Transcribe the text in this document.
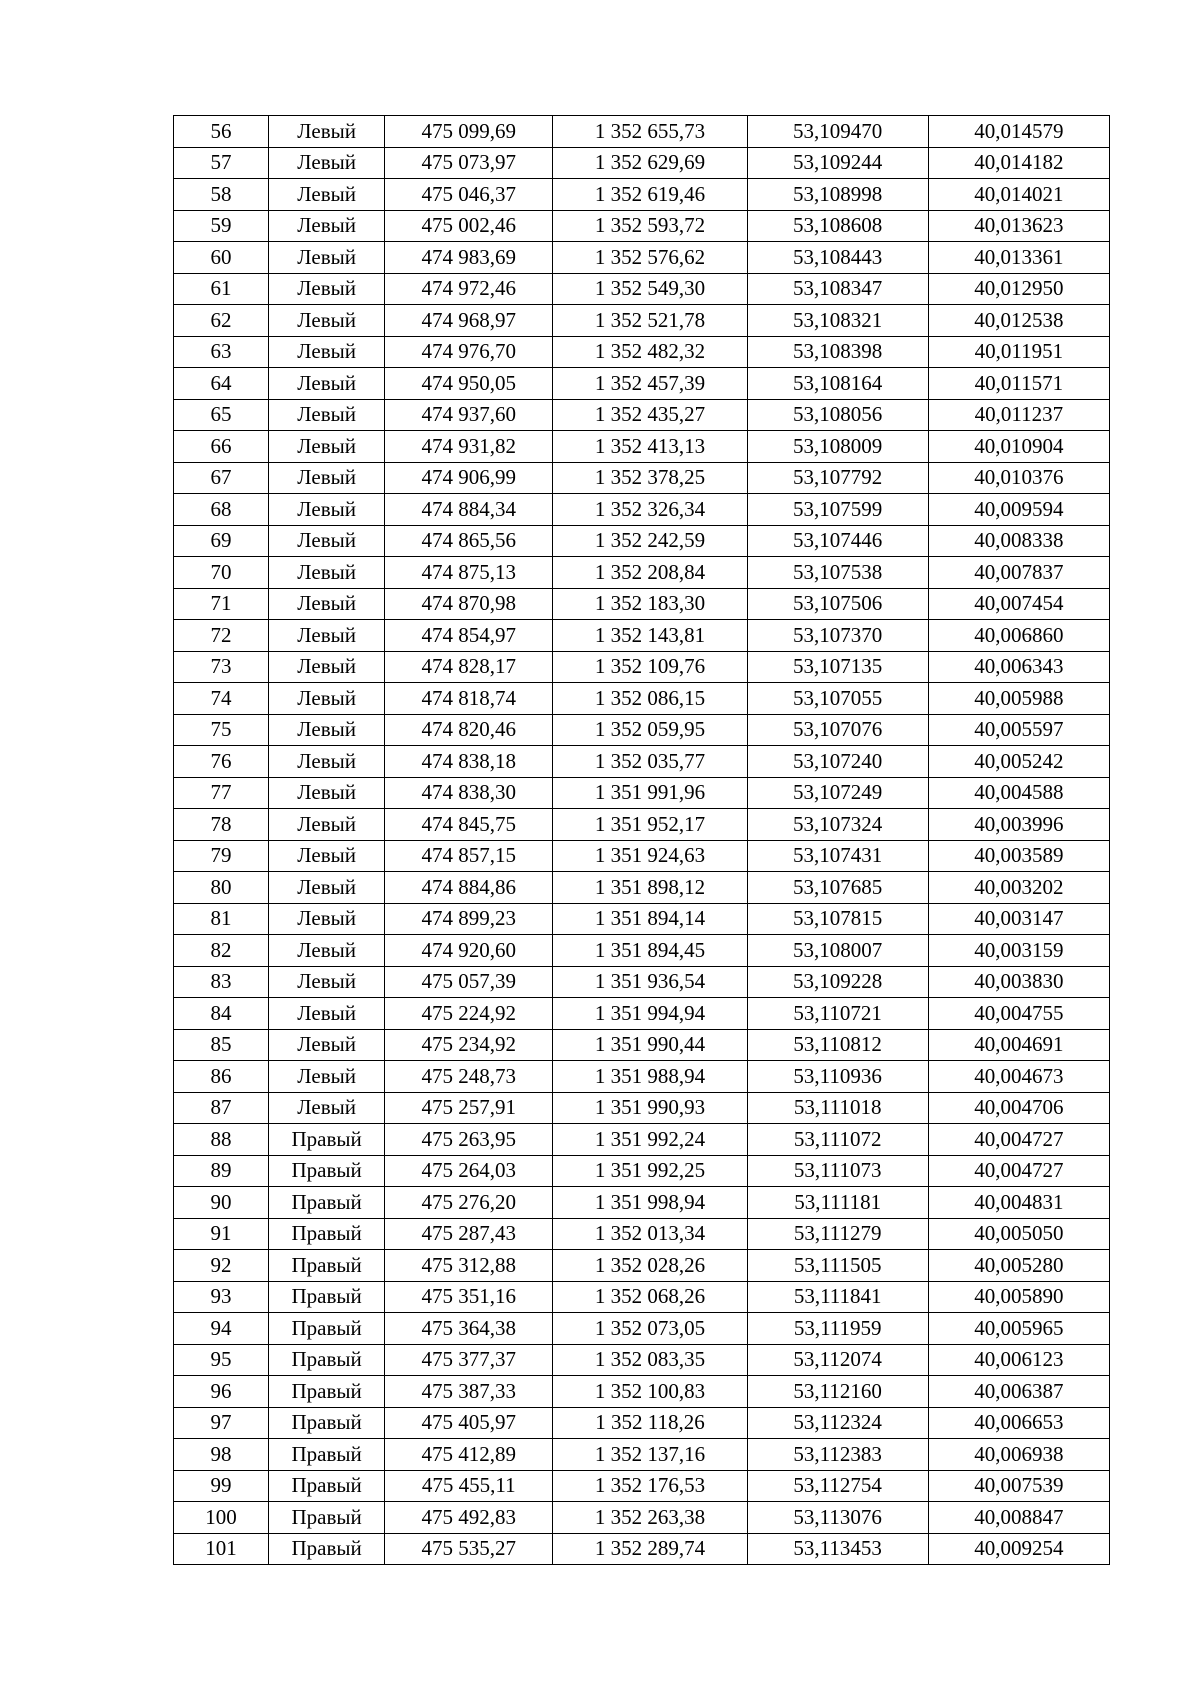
56	Левый	475 099,69	1 352 655,73	53,109470	40,014579
57	Левый	475 073,97	1 352 629,69	53,109244	40,014182
58	Левый	475 046,37	1 352 619,46	53,108998	40,014021
59	Левый	475 002,46	1 352 593,72	53,108608	40,013623
60	Левый	474 983,69	1 352 576,62	53,108443	40,013361
61	Левый	474 972,46	1 352 549,30	53,108347	40,012950
62	Левый	474 968,97	1 352 521,78	53,108321	40,012538
63	Левый	474 976,70	1 352 482,32	53,108398	40,011951
64	Левый	474 950,05	1 352 457,39	53,108164	40,011571
65	Левый	474 937,60	1 352 435,27	53,108056	40,011237
66	Левый	474 931,82	1 352 413,13	53,108009	40,010904
67	Левый	474 906,99	1 352 378,25	53,107792	40,010376
68	Левый	474 884,34	1 352 326,34	53,107599	40,009594
69	Левый	474 865,56	1 352 242,59	53,107446	40,008338
70	Левый	474 875,13	1 352 208,84	53,107538	40,007837
71	Левый	474 870,98	1 352 183,30	53,107506	40,007454
72	Левый	474 854,97	1 352 143,81	53,107370	40,006860
73	Левый	474 828,17	1 352 109,76	53,107135	40,006343
74	Левый	474 818,74	1 352 086,15	53,107055	40,005988
75	Левый	474 820,46	1 352 059,95	53,107076	40,005597
76	Левый	474 838,18	1 352 035,77	53,107240	40,005242
77	Левый	474 838,30	1 351 991,96	53,107249	40,004588
78	Левый	474 845,75	1 351 952,17	53,107324	40,003996
79	Левый	474 857,15	1 351 924,63	53,107431	40,003589
80	Левый	474 884,86	1 351 898,12	53,107685	40,003202
81	Левый	474 899,23	1 351 894,14	53,107815	40,003147
82	Левый	474 920,60	1 351 894,45	53,108007	40,003159
83	Левый	475 057,39	1 351 936,54	53,109228	40,003830
84	Левый	475 224,92	1 351 994,94	53,110721	40,004755
85	Левый	475 234,92	1 351 990,44	53,110812	40,004691
86	Левый	475 248,73	1 351 988,94	53,110936	40,004673
87	Левый	475 257,91	1 351 990,93	53,111018	40,004706
88	Правый	475 263,95	1 351 992,24	53,111072	40,004727
89	Правый	475 264,03	1 351 992,25	53,111073	40,004727
90	Правый	475 276,20	1 351 998,94	53,111181	40,004831
91	Правый	475 287,43	1 352 013,34	53,111279	40,005050
92	Правый	475 312,88	1 352 028,26	53,111505	40,005280
93	Правый	475 351,16	1 352 068,26	53,111841	40,005890
94	Правый	475 364,38	1 352 073,05	53,111959	40,005965
95	Правый	475 377,37	1 352 083,35	53,112074	40,006123
96	Правый	475 387,33	1 352 100,83	53,112160	40,006387
97	Правый	475 405,97	1 352 118,26	53,112324	40,006653
98	Правый	475 412,89	1 352 137,16	53,112383	40,006938
99	Правый	475 455,11	1 352 176,53	53,112754	40,007539
100	Правый	475 492,83	1 352 263,38	53,113076	40,008847
101	Правый	475 535,27	1 352 289,74	53,113453	40,009254
